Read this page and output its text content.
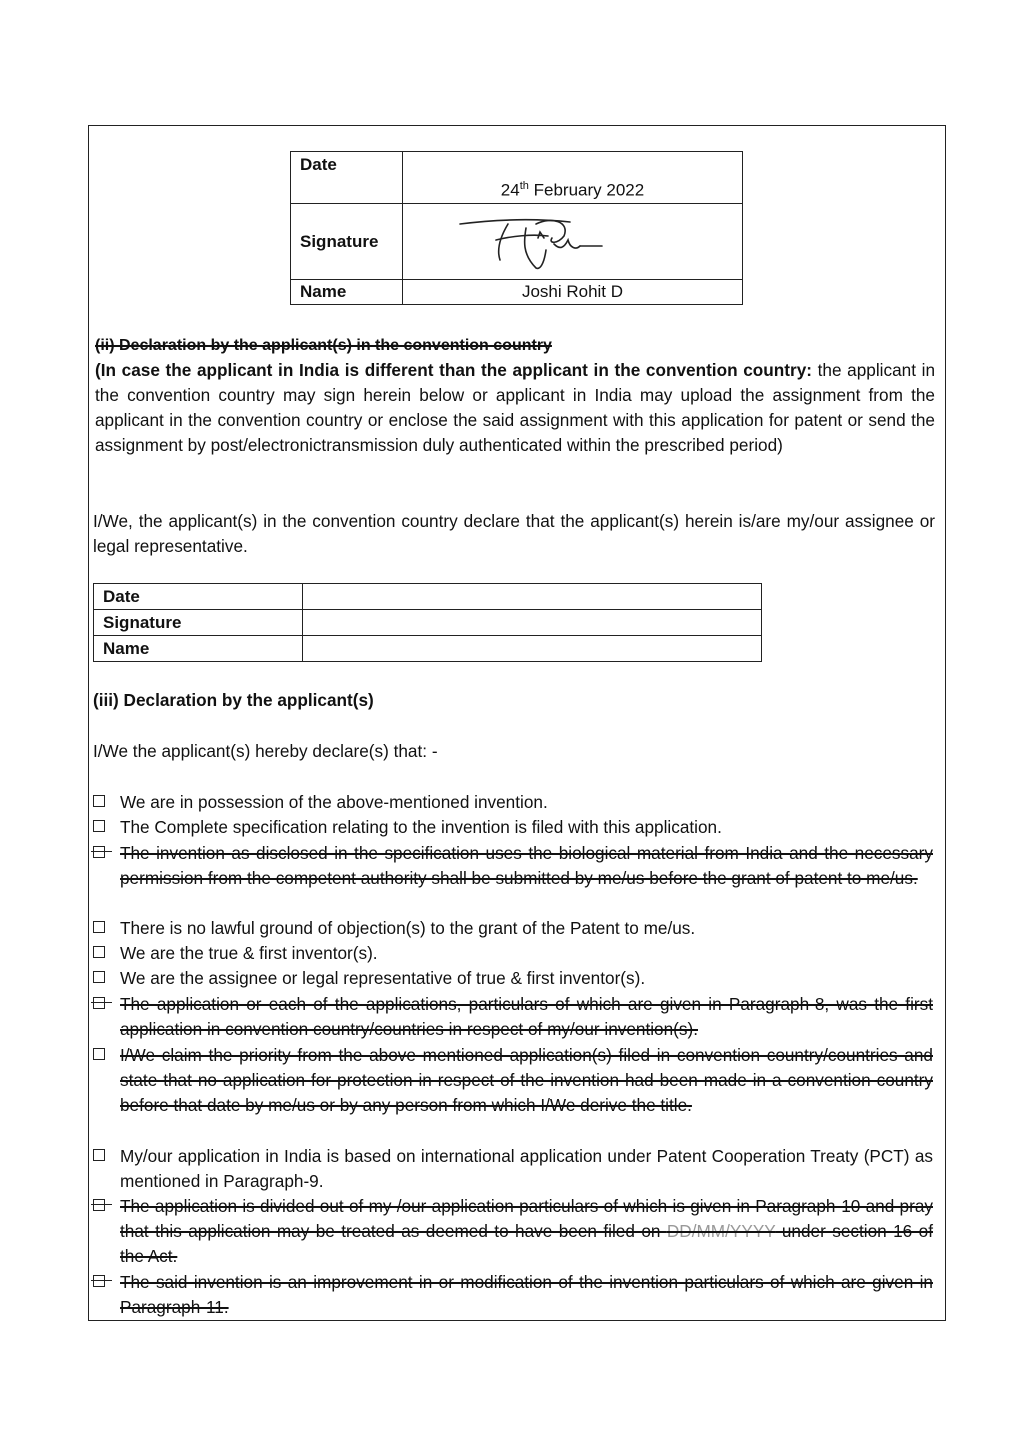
Date	24th February 2022
Signature	

Name	Joshi Rohit D
(ii) Declaration by the applicant(s) in the convention country
(In case the applicant in India is different than the applicant in the convention country: the applicant in the convention country may sign herein below or applicant in India may upload the assignment from the applicant in the convention country or enclose the said assignment with this application for patent or send the assignment by post/electronictransmission duly authenticated within the prescribed period)
I/We, the applicant(s) in the convention country declare that the applicant(s) herein is/are my/our assignee or legal representative.
Date	
Signature	
Name	
(iii) Declaration by the applicant(s)
I/We the applicant(s) hereby declare(s) that: -
We are in possession of the above-mentioned invention.
The Complete specification relating to the invention is filed with this application.
The invention as disclosed in the specification uses the biological material from India and the necessary permission from the competent authority shall be submitted by me/us before the grant of patent to me/us.
There is no lawful ground of objection(s) to the grant of the Patent to me/us.
We are the true & first inventor(s).
We are the assignee or legal representative of true & first inventor(s).
The application or each of the applications, particulars of which are given in Paragraph-8, was the first application in convention country/countries in respect of my/our invention(s).
I/We claim the priority from the above mentioned application(s) filed in convention country/countries and state that no application for protection in respect of the invention had been made in a convention country before that date by me/us or by any person from which I/We derive the title.
My/our application in India is based on international application under Patent Cooperation Treaty (PCT) as mentioned in Paragraph-9.
The application is divided out of my /our application particulars of which is given in Paragraph-10 and pray that this application may be treated as deemed to have been filed on DD/MM/YYYY under section 16 of the Act.
The said invention is an improvement in or modification of the invention particulars of which are given in Paragraph-11.
